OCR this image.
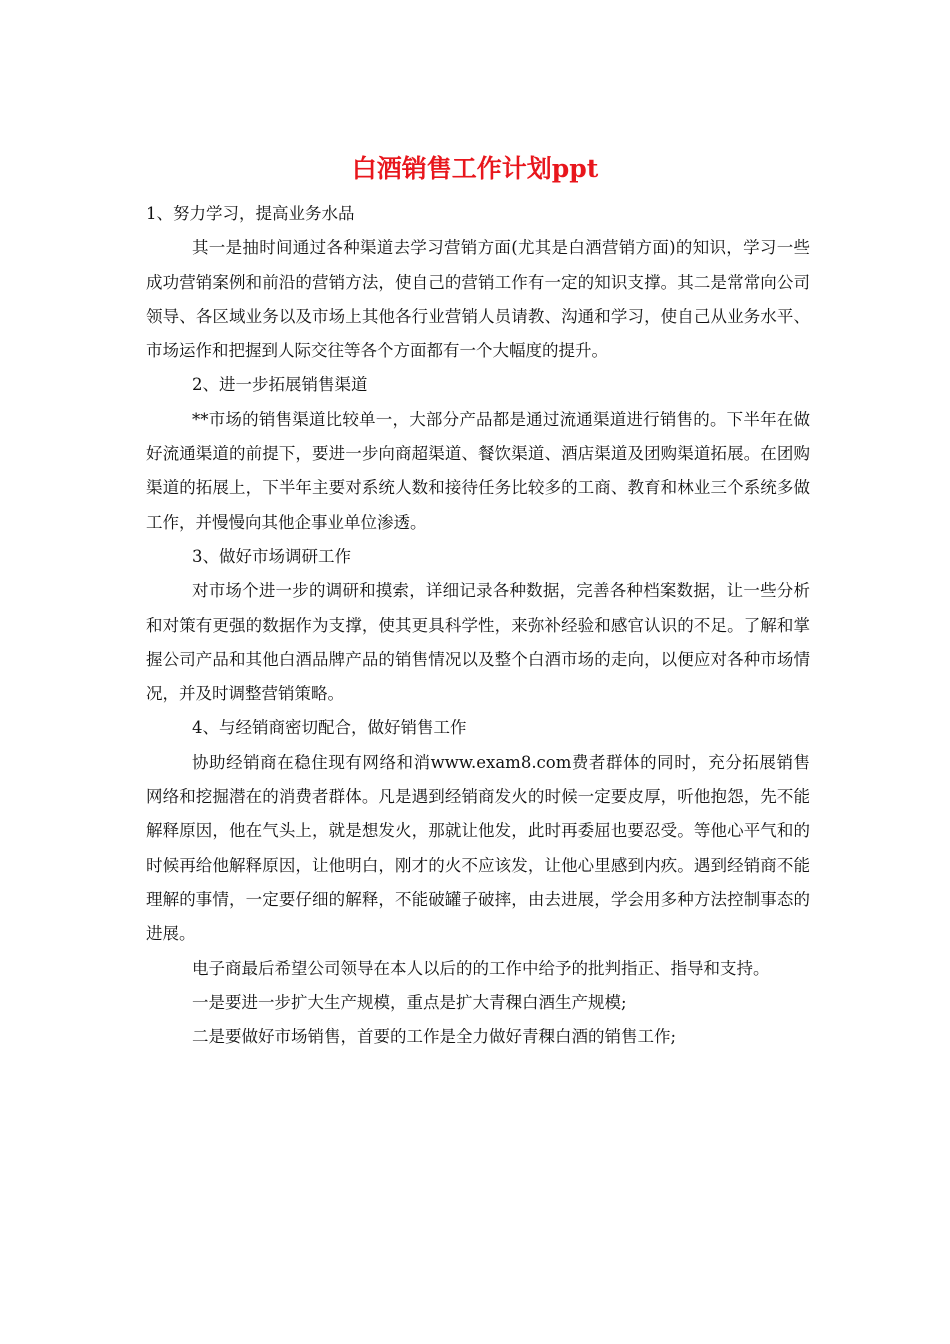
白酒销售工作计划ppt

1、努力学习，提高业务水品

其一是抽时间通过各种渠道去学习营销方面(尤其是白酒营销方面)的知识，学习一些成功营销案例和前沿的营销方法，使自己的营销工作有一定的知识支撑。其二是常常向公司领导、各区域业务以及市场上其他各行业营销人员请教、沟通和学习，使自己从业务水平、市场运作和把握到人际交往等各个方面都有一个大幅度的提升。

2、进一步拓展销售渠道

**市场的销售渠道比较单一，大部分产品都是通过流通渠道进行销售的。下半年在做好流通渠道的前提下，要进一步向商超渠道、餐饮渠道、酒店渠道及团购渠道拓展。在团购渠道的拓展上，下半年主要对系统人数和接待任务比较多的工商、教育和林业三个系统多做工作，并慢慢向其他企事业单位渗透。

3、做好市场调研工作

对市场个进一步的调研和摸索，详细记录各种数据，完善各种档案数据，让一些分析和对策有更强的数据作为支撑，使其更具科学性，来弥补经验和感官认识的不足。了解和掌握公司产品和其他白酒品牌产品的销售情况以及整个白酒市场的走向，以便应对各种市场情况，并及时调整营销策略。

4、与经销商密切配合，做好销售工作

协助经销商在稳住现有网络和消www.exam8.com费者群体的同时，充分拓展销售网络和挖掘潜在的消费者群体。凡是遇到经销商发火的时候一定要皮厚，听他抱怨，先不能解释原因，他在气头上，就是想发火，那就让他发，此时再委屈也要忍受。等他心平气和的时候再给他解释原因，让他明白，刚才的火不应该发，让他心里感到内疚。遇到经销商不能理解的事情，一定要仔细的解释，不能破罐子破摔，由去进展，学会用多种方法控制事态的进展。

电子商最后希望公司领导在本人以后的的工作中给予的批判指正、指导和支持。

一是要进一步扩大生产规模，重点是扩大青稞白酒生产规模;

二是要做好市场销售，首要的工作是全力做好青稞白酒的销售工作;
